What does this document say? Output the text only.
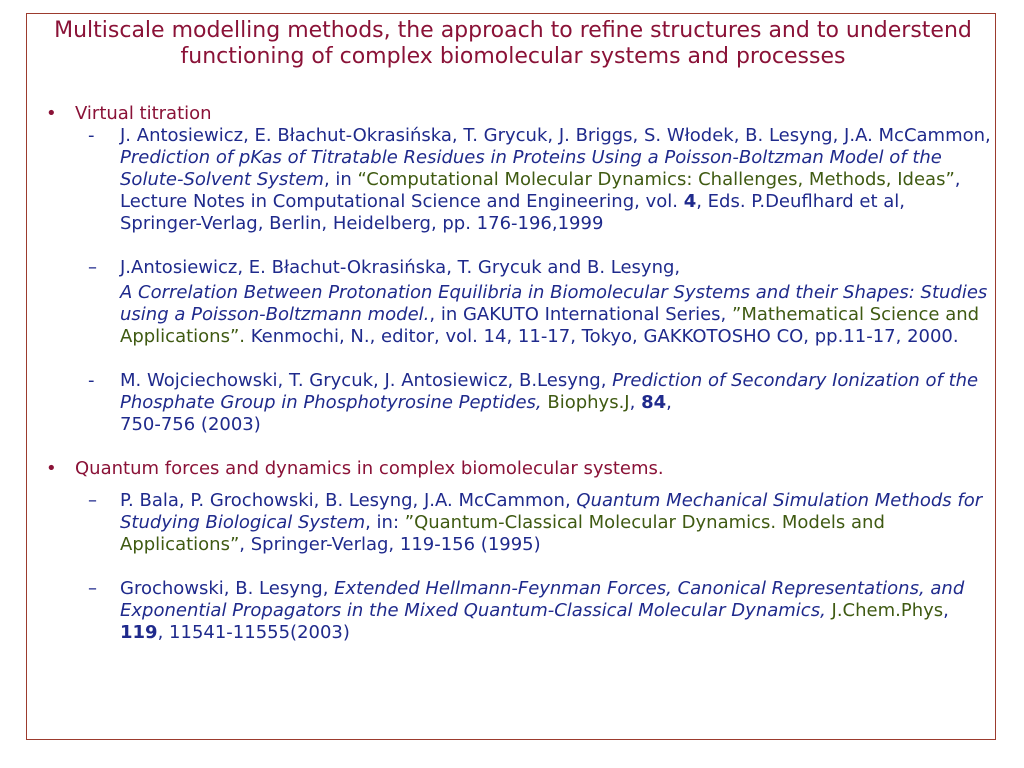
Multiscale modelling methods, the approach to refine structures and to understend functioning of complex biomolecular systems and processes
• Virtual titration
- J. Antosiewicz, E. Błachut-Okrasińska, T. Grycuk, J. Briggs, S. Włodek, B. Lesyng, J.A. McCammon, Prediction of pKas of Titratable Residues in Proteins Using a Poisson-Boltzman Model of the Solute-Solvent System, in “Computational Molecular Dynamics: Challenges, Methods, Ideas”, Lecture Notes in Computational Science and Engineering, vol. 4, Eds. P.Deuflhard et al, Springer-Verlag, Berlin, Heidelberg, pp. 176-196,1999
– J.Antosiewicz, E. Błachut-Okrasińska, T. Grycuk and B. Lesyng,
A Correlation Between Protonation Equilibria in Biomolecular Systems and their Shapes: Studies using a Poisson-Boltzmann model., in GAKUTO International Series, ”Mathematical Science and Applications”. Kenmochi, N., editor, vol. 14, 11-17, Tokyo, GAKKOTOSHO CO, pp.11-17, 2000.
- M. Wojciechowski, T. Grycuk, J. Antosiewicz, B.Lesyng, Prediction of Secondary Ionization of the Phosphate Group in Phosphotyrosine Peptides, Biophys.J, 84,
750-756 (2003)
• Quantum forces and dynamics in complex biomolecular systems.
– P. Bala, P. Grochowski, B. Lesyng, J.A. McCammon, Quantum Mechanical Simulation Methods for Studying Biological System, in: ”Quantum-Classical Molecular Dynamics. Models and Applications”, Springer-Verlag, 119-156 (1995)
– Grochowski, B. Lesyng, Extended Hellmann-Feynman Forces, Canonical Representations, and Exponential Propagators in the Mixed Quantum-Classical Molecular Dynamics, J.Chem.Phys, 119, 11541-11555(2003)
